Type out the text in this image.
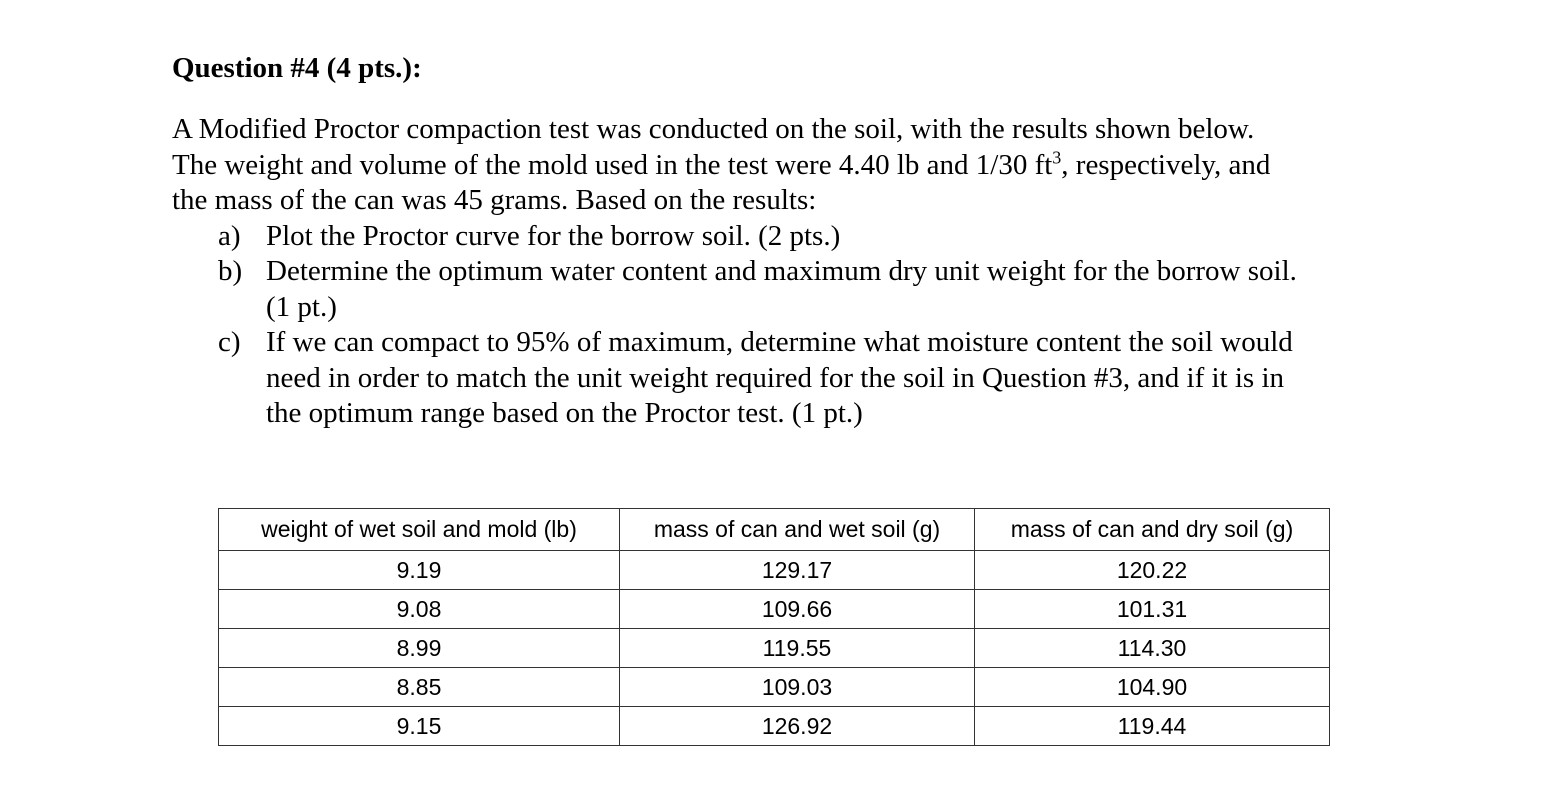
Question #4 (4 pts.):
A Modified Proctor compaction test was conducted on the soil, with the results shown below.
The weight and volume of the mold used in the test were 4.40 lb and 1/30 $ft^3$, respectively, and
the mass of the can was 45 grams. Based on the results:
a) Plot the Proctor curve for the borrow soil. (2 pts.)
b) Determine the optimum water content and maximum dry unit weight for the borrow soil.
(1 pt.)
c) If we can compact to 95% of maximum, determine what moisture content the soil would
need in order to match the unit weight required for the soil in Question #3, and if it is in
the optimum range based on the Proctor test. (1 pt.)
weight of wet soil and mold (lb)	mass of can and wet soil (g)	mass of can and dry soil (g)
9.19	129.17	120.22
9.08	109.66	101.31
8.99	119.55	114.30
8.85	109.03	104.90
9.15	126.92	119.44
